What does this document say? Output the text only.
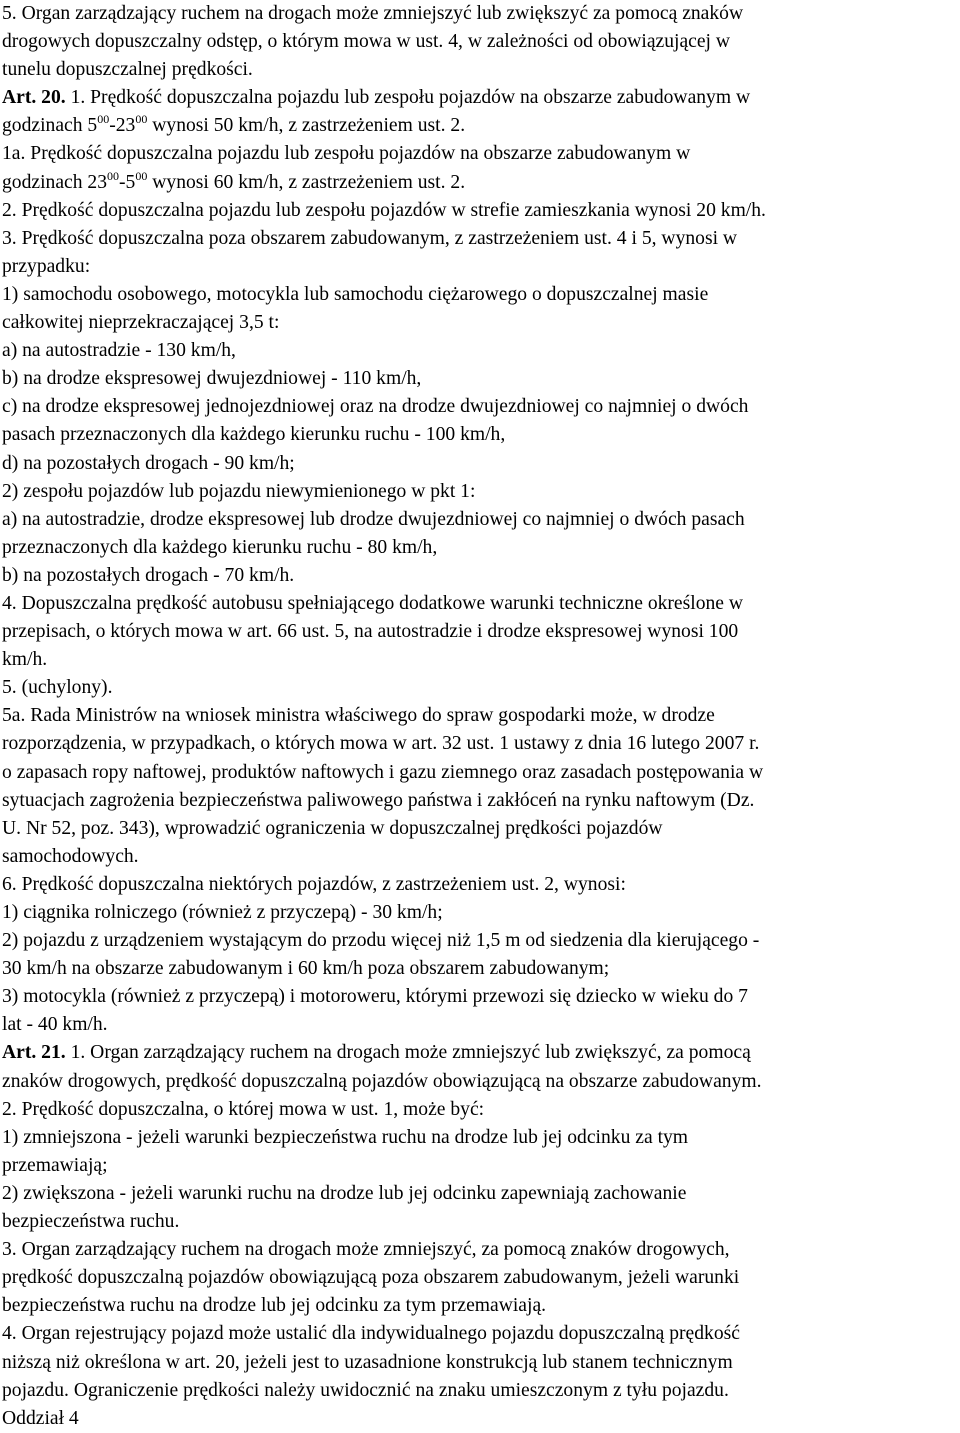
5. Organ zarządzający ruchem na drogach może zmniejszyć lub zwiększyć za pomocą znaków
drogowych dopuszczalny odstęp, o którym mowa w ust. 4, w zależności od obowiązującej w
tunelu dopuszczalnej prędkości.
Art. 20. 1. Prędkość dopuszczalna pojazdu lub zespołu pojazdów na obszarze zabudowanym w
godzinach $5^{00}-23^{00}$ wynosi 50 km/h, z zastrzeżeniem ust. 2.
1a. Prędkość dopuszczalna pojazdu lub zespołu pojazdów na obszarze zabudowanym w
godzinach $23^{00}-5^{00}$ wynosi 60 km/h, z zastrzeżeniem ust. 2.
2. Prędkość dopuszczalna pojazdu lub zespołu pojazdów w strefie zamieszkania wynosi 20 km/h.
3. Prędkość dopuszczalna poza obszarem zabudowanym, z zastrzeżeniem ust. 4 i 5, wynosi w
przypadku:
1) samochodu osobowego, motocykla lub samochodu ciężarowego o dopuszczalnej masie
całkowitej nieprzekraczającej 3,5 t:
a) na autostradzie - 130 km/h,
b) na drodze ekspresowej dwujezdniowej - 110 km/h,
c) na drodze ekspresowej jednojezdniowej oraz na drodze dwujezdniowej co najmniej o dwóch
pasach przeznaczonych dla każdego kierunku ruchu - 100 km/h,
d) na pozostałych drogach - 90 km/h;
2) zespołu pojazdów lub pojazdu niewymienionego w pkt 1:
a) na autostradzie, drodze ekspresowej lub drodze dwujezdniowej co najmniej o dwóch pasach
przeznaczonych dla każdego kierunku ruchu - 80 km/h,
b) na pozostałych drogach - 70 km/h.
4. Dopuszczalna prędkość autobusu spełniającego dodatkowe warunki techniczne określone w
przepisach, o których mowa w art. 66 ust. 5, na autostradzie i drodze ekspresowej wynosi 100
km/h.
5. (uchylony).
5a. Rada Ministrów na wniosek ministra właściwego do spraw gospodarki może, w drodze
rozporządzenia, w przypadkach, o których mowa w art. 32 ust. 1 ustawy z dnia 16 lutego 2007 r.
o zapasach ropy naftowej, produktów naftowych i gazu ziemnego oraz zasadach postępowania w
sytuacjach zagrożenia bezpieczeństwa paliwowego państwa i zakłóceń na rynku naftowym (Dz.
U. Nr 52, poz. 343), wprowadzić ograniczenia w dopuszczalnej prędkości pojazdów
samochodowych.
6. Prędkość dopuszczalna niektórych pojazdów, z zastrzeżeniem ust. 2, wynosi:
1) ciągnika rolniczego (również z przyczepą) - 30 km/h;
2) pojazdu z urządzeniem wystającym do przodu więcej niż 1,5 m od siedzenia dla kierującego -
30 km/h na obszarze zabudowanym i 60 km/h poza obszarem zabudowanym;
3) motocykla (również z przyczepą) i motoroweru, którymi przewozi się dziecko w wieku do 7
lat - 40 km/h.
Art. 21. 1. Organ zarządzający ruchem na drogach może zmniejszyć lub zwiększyć, za pomocą
znaków drogowych, prędkość dopuszczalną pojazdów obowiązującą na obszarze zabudowanym.
2. Prędkość dopuszczalna, o której mowa w ust. 1, może być:
1) zmniejszona - jeżeli warunki bezpieczeństwa ruchu na drodze lub jej odcinku za tym
przemawiają;
2) zwiększona - jeżeli warunki ruchu na drodze lub jej odcinku zapewniają zachowanie
bezpieczeństwa ruchu.
3. Organ zarządzający ruchem na drogach może zmniejszyć, za pomocą znaków drogowych,
prędkość dopuszczalną pojazdów obowiązującą poza obszarem zabudowanym, jeżeli warunki
bezpieczeństwa ruchu na drodze lub jej odcinku za tym przemawiają.
4. Organ rejestrujący pojazd może ustalić dla indywidualnego pojazdu dopuszczalną prędkość
niższą niż określona w art. 20, jeżeli jest to uzasadnione konstrukcją lub stanem technicznym
pojazdu. Ograniczenie prędkości należy uwidocznić na znaku umieszczonym z tyłu pojazdu.
Oddział 4
